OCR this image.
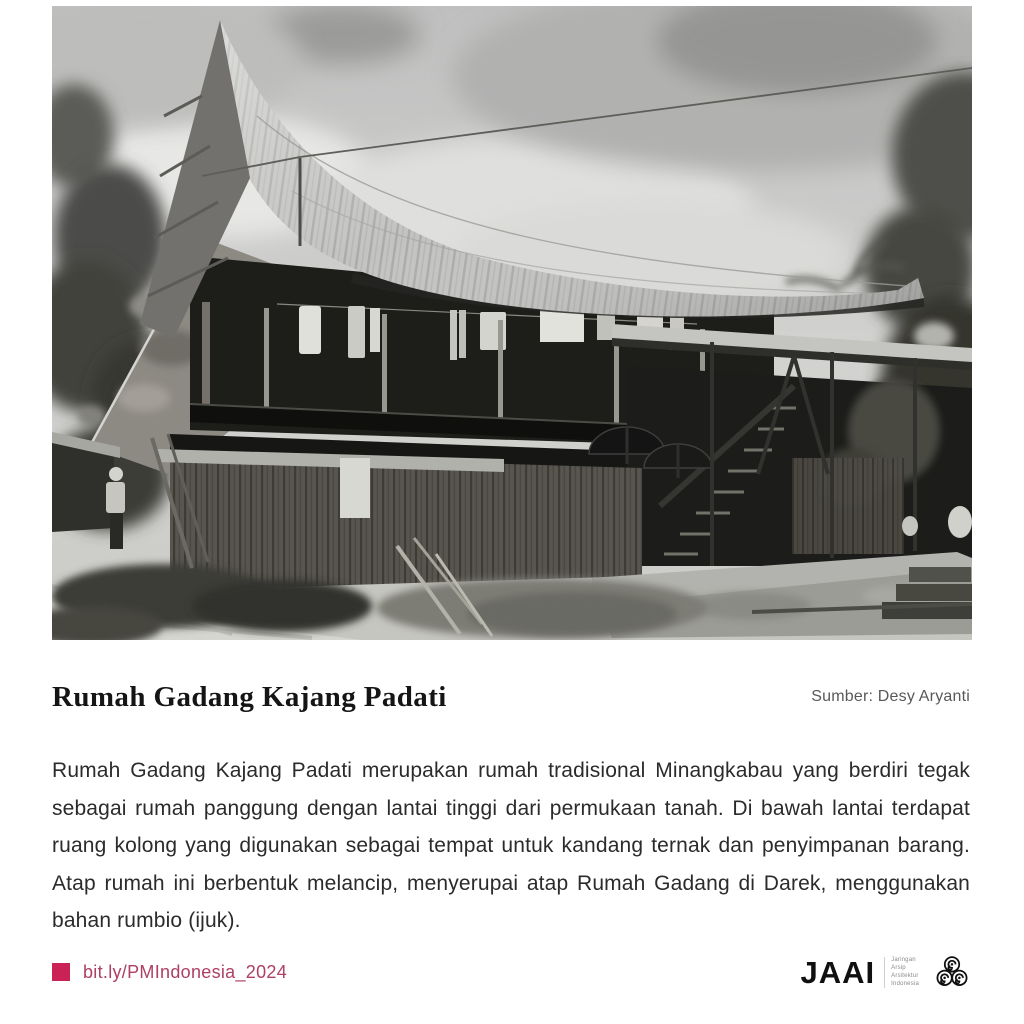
Rumah Gadang Kajang Padati	Sumber: Desy Aryanti

Rumah Gadang Kajang Padati merupakan rumah tradisional Minangkabau yang berdiri tegak sebagai rumah panggung dengan lantai tinggi dari permukaan tanah. Di bawah lantai terdapat ruang kolong yang digunakan sebagai tempat untuk kandang ternak dan penyimpanan barang. Atap rumah ini berbentuk melancip, menyerupai atap Rumah Gadang di Darek, menggunakan bahan rumbio (ijuk).

bit.ly/PMIndonesia_2024	JAAI	Jaringan
Arsip
Arsitektur
Indonesia
